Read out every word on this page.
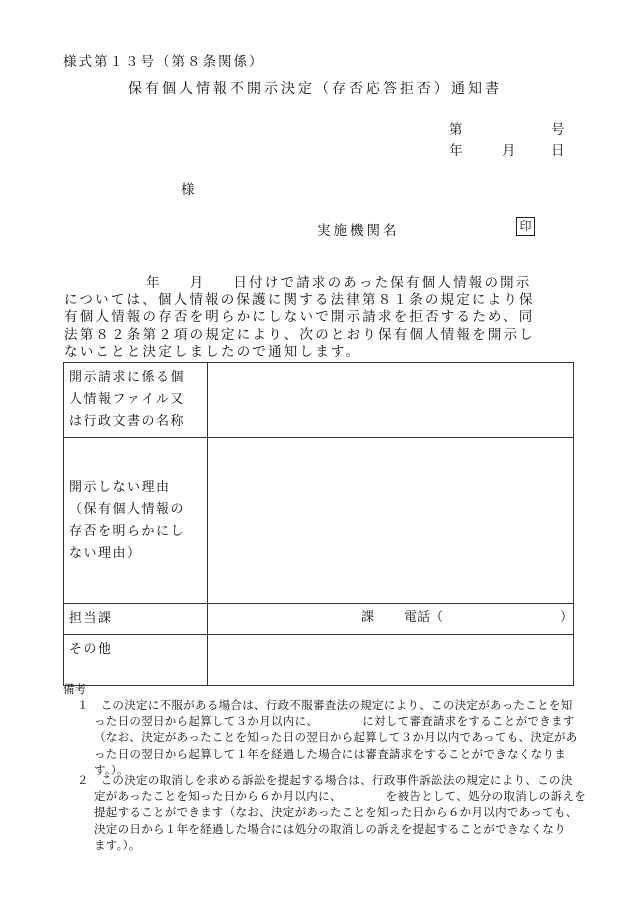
様式第１３号（第８条関係）
保有個人情報不開示決定（存否応答拒否）通知書
第	号
年	月	日
様
実施機関名	印
年 月 日付けで請求のあった保有個人情報の開示
については、個人情報の保護に関する法律第８１条の規定により保
有個人情報の存否を明らかにしないで開示請求を拒否するため、同
法第８２条第２項の規定により、次のとおり保有個人情報を開示し
ないことと決定しましたので通知します。
開示請求に係る個
人情報ファイル又
は行政文書の名称	

開示しない理由
（保有個人情報の
存否を明らかにし
ない理由）	

担当課	課 電話（ ）

その他	
備考
１　 この決定に不服がある場合は、行政不服審査法の規定により、この決定があったことを知
った日の翌日から起算して３か月以内に、	に対して審査請求をすることができます
（なお、決定があったことを知った日の翌日から起算して３か月以内であっても、決定があ
った日の翌日から起算して１年を経過した場合には審査請求をすることができなくなりま
す。）。
２　 この決定の取消しを求める訴訟を提起する場合は、行政事件訴訟法の規定により、この決
定があったことを知った日から６か月以内に、	を被告として、処分の取消しの訴えを
提起することができます（なお、決定があったことを知った日から６か月以内であっても、
決定の日から１年を経過した場合には処分の取消しの訴えを提起することができなくなり
ます。）。
